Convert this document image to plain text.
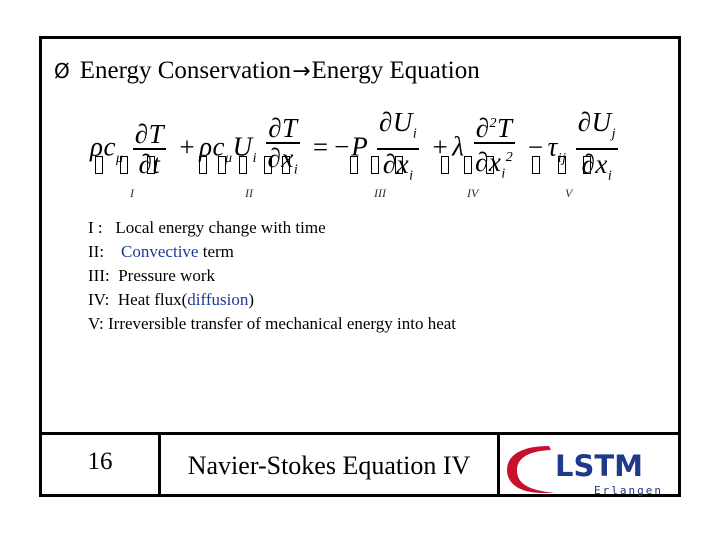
Ø Energy Conservation → Energy Equation
$\rho c_\mu \frac{\partial T}{\partial t} + \rho c_\mu U_i \frac{\partial T}{\partial x_i} = -P \frac{\partial U_i}{\partial x_i} + \lambda \frac{\partial^2T}{\partial x_i^2} - \tau_{ij} \frac{\partial U_j}{\partial x_i}$
I	II	III	IV	V
I : Local energy change with time
II: Convective term
III: Pressure work
IV: Heat flux(diffusion)
V: Irreversible transfer of mechanical energy into heat
16	Navier-Stokes Equation IV	LSTM
Erlangen
